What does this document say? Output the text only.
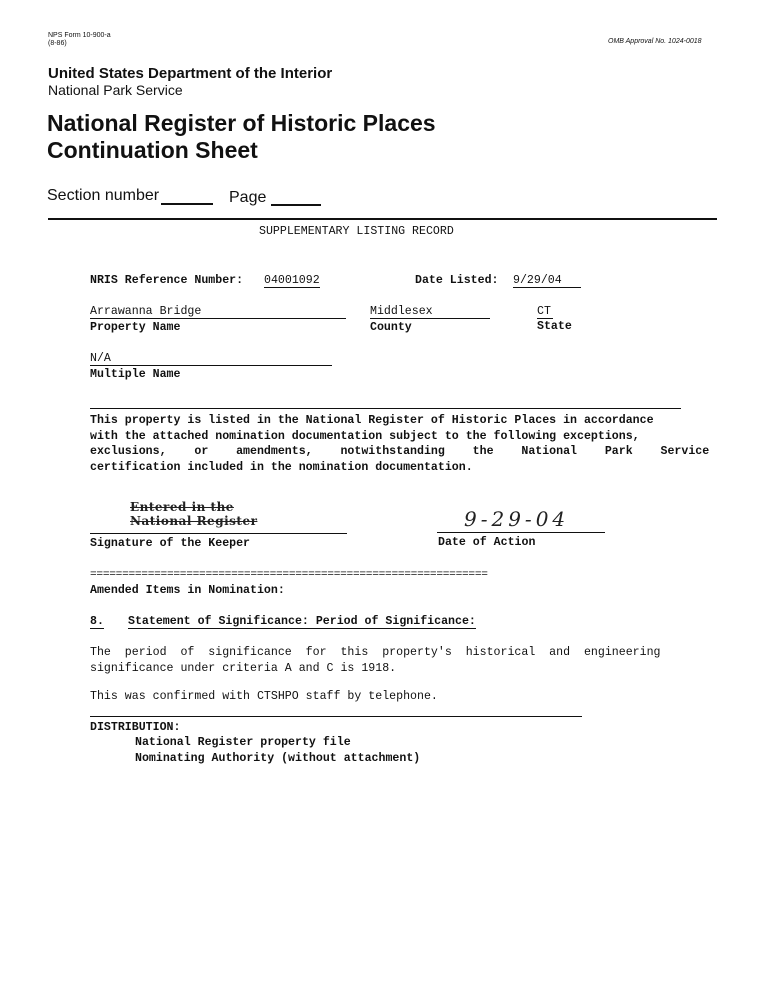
NPS Form 10-900-a
(8-86)	OMB Approval No. 1024-0018
United States Department of the Interior
National Park Service
National Register of Historic Places
Continuation Sheet
Section number	Page
SUPPLEMENTARY LISTING RECORD
NRIS Reference Number: 04001092	Date Listed: 9/29/04
Arrawanna Bridge
Property Name
Middlesex
County
CT
State
N/A
Multiple Name
This property is listed in the National Register of Historic Places in accordance
with the attached nomination documentation subject to the following exceptions,
exclusions,    or    amendments,    notwithstanding    the    National    Park    Service
certification included in the nomination documentation.
Entered in the
National Register
Signature of the Keeper
9-29-04
Date of Action
==============================================================
Amended Items in Nomination:
8. Statement of Significance: Period of Significance:
The  period  of  significance  for  this  property's  historical  and  engineering
significance under criteria A and C is 1918.
This was confirmed with CTSHPO staff by telephone.
DISTRIBUTION:
National Register property file
Nominating Authority (without attachment)
